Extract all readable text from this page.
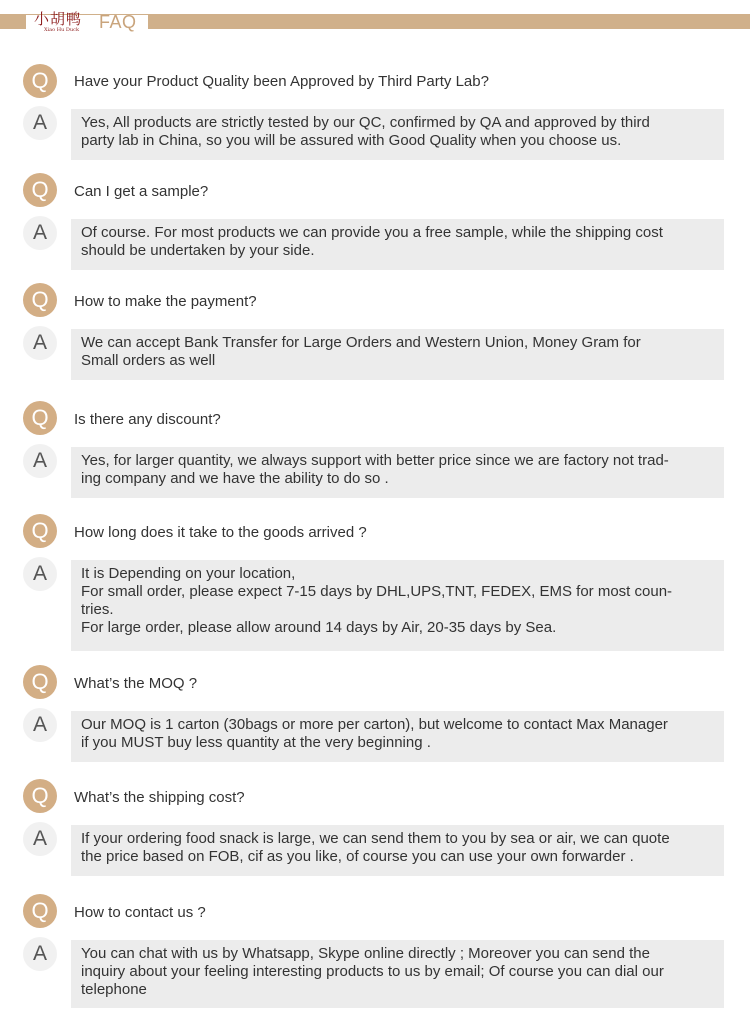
小胡鸭
Xiao Hu Duck FAQ
Q	Have your Product Quality been Approved by Third Party Lab?
A	Yes, All products are strictly tested by our QC, confirmed by QA and approved by third
party lab in China, so you will be assured with Good Quality when you choose us.
Q	Can I get a sample?
A	Of course. For most products we can provide you a free sample, while the shipping cost
should be undertaken by your side.
Q	How to make the payment?
A	We can accept Bank Transfer for Large Orders and Western Union, Money Gram for
Small orders as well
Q	Is there any discount?
A	Yes, for larger quantity, we always support with better price since we are factory not trad-
ing company and we have the ability to do so .
Q	How long does it take to the goods arrived ?
A	It is Depending on your location,
For small order, please expect 7-15 days by DHL,UPS,TNT, FEDEX, EMS for most coun-
tries.
For large order, please allow around 14 days by Air, 20-35 days by Sea.
Q	What’s the MOQ ?
A	Our MOQ is 1 carton (30bags or more per carton), but welcome to contact Max Manager
if you MUST buy less quantity at the very beginning .
Q	What’s the shipping cost?
A	If your ordering food snack is large, we can send them to you by sea or air, we can quote
the price based on FOB, cif as you like, of course you can use your own forwarder .
Q	How to contact us ?
A	You can chat with us by Whatsapp, Skype online directly ; Moreover you can send the
inquiry about your feeling interesting products to us by email; Of course you can dial our
telephone
